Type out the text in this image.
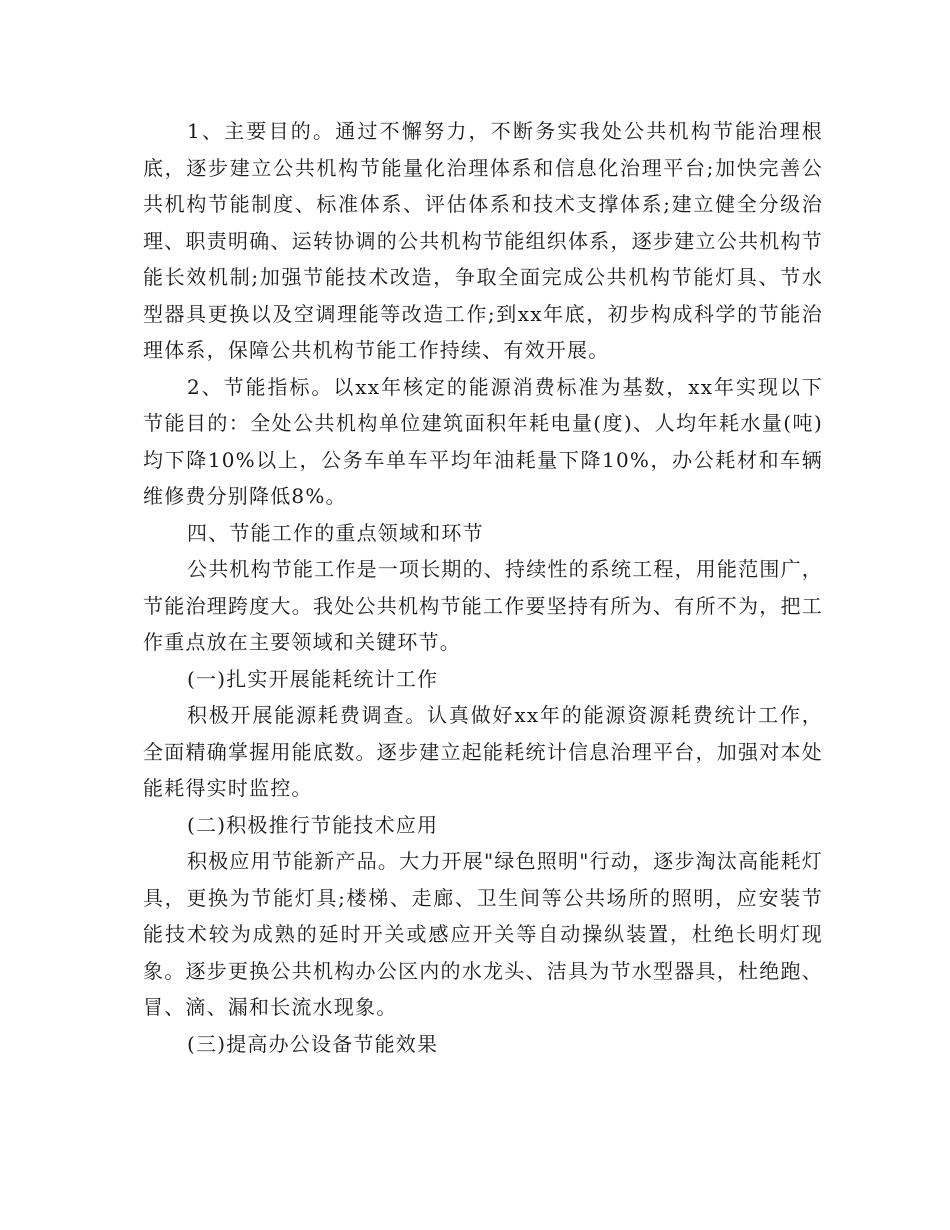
1、主要目的。通过不懈努力，不断务实我处公共机构节能治理根底，逐步建立公共机构节能量化治理体系和信息化治理平台;加快完善公共机构节能制度、标准体系、评估体系和技术支撑体系;建立健全分级治理、职责明确、运转协调的公共机构节能组织体系，逐步建立公共机构节能长效机制;加强节能技术改造，争取全面完成公共机构节能灯具、节水型器具更换以及空调理能等改造工作;到xx年底，初步构成科学的节能治理体系，保障公共机构节能工作持续、有效开展。

2、节能指标。以xx年核定的能源消费标准为基数，xx年实现以下节能目的：全处公共机构单位建筑面积年耗电量(度)、人均年耗水量(吨)均下降10%以上，公务车单车平均年油耗量下降10%，办公耗材和车辆维修费分别降低8%。

四、节能工作的重点领域和环节

公共机构节能工作是一项长期的、持续性的系统工程，用能范围广，节能治理跨度大。我处公共机构节能工作要坚持有所为、有所不为，把工作重点放在主要领域和关键环节。

(一)扎实开展能耗统计工作

积极开展能源耗费调查。认真做好xx年的能源资源耗费统计工作，全面精确掌握用能底数。逐步建立起能耗统计信息治理平台，加强对本处能耗得实时监控。

(二)积极推行节能技术应用

积极应用节能新产品。大力开展"绿色照明"行动，逐步淘汰高能耗灯具，更换为节能灯具;楼梯、走廊、卫生间等公共场所的照明，应安装节能技术较为成熟的延时开关或感应开关等自动操纵装置，杜绝长明灯现象。逐步更换公共机构办公区内的水龙头、洁具为节水型器具，杜绝跑、冒、滴、漏和长流水现象。

(三)提高办公设备节能效果
